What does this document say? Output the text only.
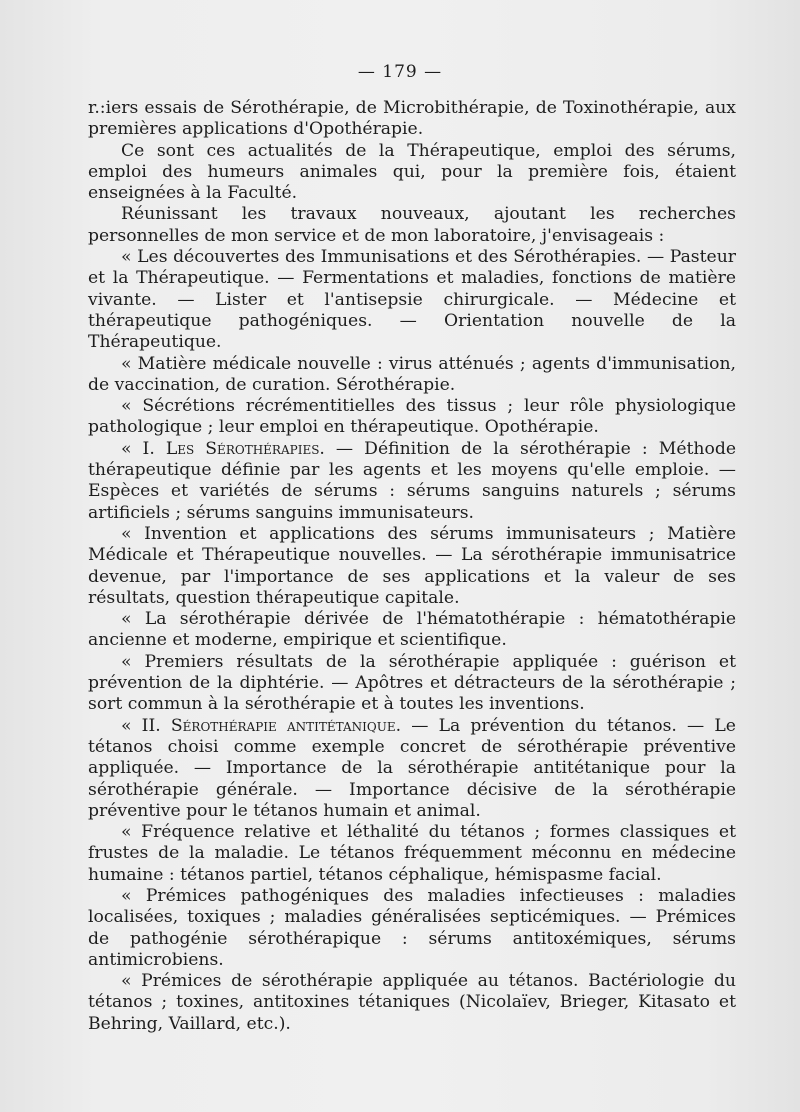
— 179 —

r.:iers essais de Sérothérapie, de Microbithérapie, de Toxinothérapie, aux premières applications d'Opothérapie.

Ce sont ces actualités de la Thérapeutique, emploi des sérums, emploi des humeurs animales qui, pour la première fois, étaient enseignées à la Faculté.

Réunissant les travaux nouveaux, ajoutant les recherches personnelles de mon service et de mon laboratoire, j'envisageais :

« Les découvertes des Immunisations et des Sérothérapies. — Pasteur et la Thérapeutique. — Fermentations et maladies, fonctions de matière vivante. — Lister et l'antisepsie chirurgicale. — Médecine et thérapeutique pathogéniques. — Orientation nouvelle de la Thérapeutique.

« Matière médicale nouvelle : virus atténués ; agents d'immunisation, de vaccination, de curation. Sérothérapie.

« Sécrétions récrémentitielles des tissus ; leur rôle physiologique pathologique ; leur emploi en thérapeutique. Opothérapie.

« I. Les Sérothérapies. — Définition de la sérothérapie : Méthode thérapeutique définie par les agents et les moyens qu'elle emploie. — Espèces et variétés de sérums : sérums sanguins naturels ; sérums artificiels ; sérums sanguins immunisateurs.

« Invention et applications des sérums immunisateurs ; Matière Médicale et Thérapeutique nouvelles. — La sérothérapie immunisatrice devenue, par l'importance de ses applications et la valeur de ses résultats, question thérapeutique capitale.

« La sérothérapie dérivée de l'hématothérapie : hématothérapie ancienne et moderne, empirique et scientifique.

« Premiers résultats de la sérothérapie appliquée : guérison et prévention de la diphtérie. — Apôtres et détracteurs de la sérothérapie ; sort commun à la sérothérapie et à toutes les inventions.

« II. Sérothérapie antitétanique. — La prévention du tétanos. — Le tétanos choisi comme exemple concret de sérothérapie préventive appliquée. — Importance de la sérothérapie antitétanique pour la sérothérapie générale. — Importance décisive de la sérothérapie préventive pour le tétanos humain et animal.

« Fréquence relative et léthalité du tétanos ; formes classiques et frustes de la maladie. Le tétanos fréquemment méconnu en médecine humaine : tétanos partiel, tétanos céphalique, hémispasme facial.

« Prémices pathogéniques des maladies infectieuses : maladies localisées, toxiques ; maladies généralisées septicémiques. — Prémices de pathogénie sérothérapique : sérums antitoxémiques, sérums antimicrobiens.

« Prémices de sérothérapie appliquée au tétanos. Bactériologie du tétanos ; toxines, antitoxines tétaniques (Nicolaïev, Brieger, Kitasato et Behring, Vaillard, etc.).
